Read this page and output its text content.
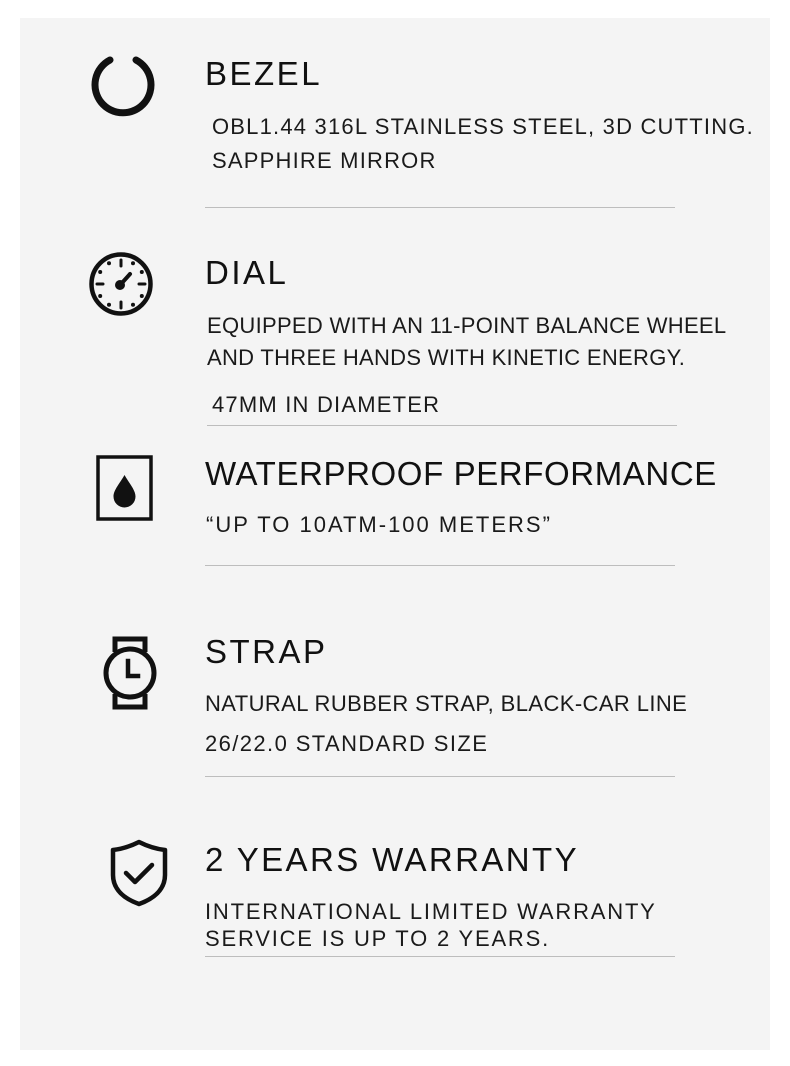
BEZEL

OBL1.44 316L STAINLESS STEEL, 3D CUTTING.

SAPPHIRE MIRROR

DIAL

EQUIPPED WITH AN 11-POINT BALANCE WHEEL

AND THREE HANDS WITH KINETIC ENERGY.

47MM IN DIAMETER

WATERPROOF PERFORMANCE

“UP TO 10ATM-100 METERS”

STRAP

NATURAL RUBBER STRAP, BLACK-CAR LINE

26/22.0 STANDARD SIZE

2 YEARS WARRANTY

INTERNATIONAL LIMITED WARRANTY

SERVICE IS UP TO 2 YEARS.
